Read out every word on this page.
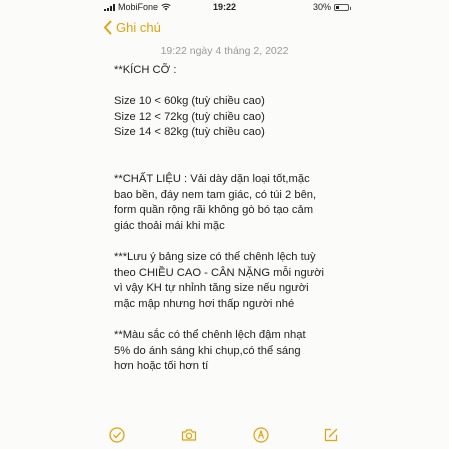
MobiFone	19:22	30%
Ghi chú
19:22 ngày 4 tháng 2, 2022
**KÍCH CỠ :
Size 10 < 60kg (tuỳ chiều cao)
Size 12 < 72kg (tuỳ chiều cao)
Size 14 < 82kg (tuỳ chiều cao)
**CHẤT LIỆU : Vải dày dặn loại tốt,mặc
bao bền, đáy nem tam giác, có túi 2 bên,
form quần rộng rãi không gò bó tạo cảm
giác thoải mái khi mặc
***Lưu ý bảng size có thể chênh lệch tuỳ
theo CHIỀU CAO - CÂN NẶNG mỗi người
vì vậy KH tự nhỉnh tăng size nếu người
mặc mập nhưng hơi thấp người nhé
**Màu sắc có thể chênh lệch đậm nhạt
5% do ánh sáng khi chụp,có thể sáng
hơn hoặc tối hơn tí
